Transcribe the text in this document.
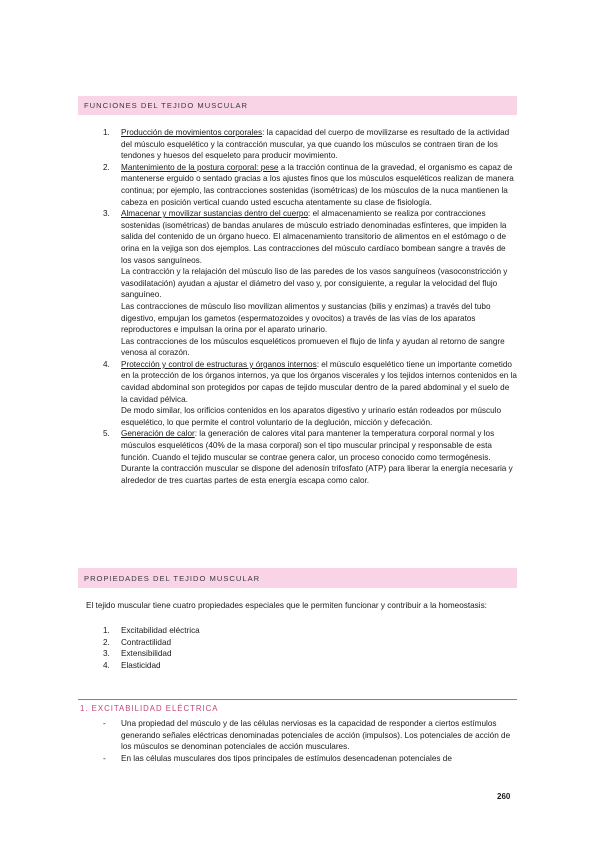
FUNCIONES DEL TEJIDO MUSCULAR
1. Producción de movimientos corporales: la capacidad del cuerpo de movilizarse es resultado de la actividad del músculo esquelético y la contracción muscular, ya que cuando los músculos se contraen tiran de los tendones y huesos del esqueleto para producir movimiento.

2. Mantenimiento de la postura corporal: pese a la tracción continua de la gravedad, el organismo es capaz de mantenerse erguido o sentado gracias a los ajustes finos que los músculos esqueléticos realizan de manera continua; por ejemplo, las contracciones sostenidas (isométricas) de los músculos de la nuca mantienen la cabeza en posición vertical cuando usted escucha atentamente su clase de fisiología.

3. Almacenar y movilizar sustancias dentro del cuerpo: el almacenamiento se realiza por contracciones sostenidas (isométricas) de bandas anulares de músculo estriado denominadas esfínteres, que impiden la salida del contenido de un órgano hueco. El almacenamiento transitorio de alimentos en el estómago o de orina en la vejiga son dos ejemplos. Las contracciones del músculo cardíaco bombean sangre a través de los vasos sanguíneos.

La contracción y la relajación del músculo liso de las paredes de los vasos sanguíneos (vasoconstricción y vasodilatación) ayudan a ajustar el diámetro del vaso y, por consiguiente, a regular la velocidad del flujo sanguíneo.

Las contracciones de músculo liso movilizan alimentos y sustancias (bilis y enzimas) a través del tubo digestivo, empujan los gametos (espermatozoides y ovocitos) a través de las vías de los aparatos reproductores e impulsan la orina por el aparato urinario.

Las contracciones de los músculos esqueléticos promueven el flujo de linfa y ayudan al retorno de sangre venosa al corazón.

4. Protección y control de estructuras y órganos internos: el músculo esquelético tiene un importante cometido en la protección de los órganos internos, ya que los órganos viscerales y los tejidos internos contenidos en la cavidad abdominal son protegidos por capas de tejido muscular dentro de la pared abdominal y el suelo de la cavidad pélvica.

De modo similar, los orificios contenidos en los aparatos digestivo y urinario están rodeados por músculo esquelético, lo que permite el control voluntario de la deglución, micción y defecación.

5. Generación de calor: la generación de calores vital para mantener la temperatura corporal normal y los músculos esqueléticos (40% de la masa corporal) son el tipo muscular principal y responsable de esta función. Cuando el tejido muscular se contrae genera calor, un proceso conocido como termogénesis. Durante la contracción muscular se dispone del adenosín trifosfato (ATP) para liberar la energía necesaria y alrededor de tres cuartas partes de esta energía escapa como calor.

PROPIEDADES DEL TEJIDO MUSCULAR

El tejido muscular tiene cuatro propiedades especiales que le permiten funcionar y contribuir a la homeostasis:

1. Excitabilidad eléctrica
2. Contractilidad
3. Extensibilidad
4. Elasticidad
1. EXCITABILIDAD ELÉCTRICA
- Una propiedad del músculo y de las células nerviosas es la capacidad de responder a ciertos estímulos generando señales eléctricas denominadas potenciales de acción (impulsos). Los potenciales de acción de los músculos se denominan potenciales de acción musculares.
- En las células musculares dos tipos principales de estímulos desencadenan potenciales de
260
